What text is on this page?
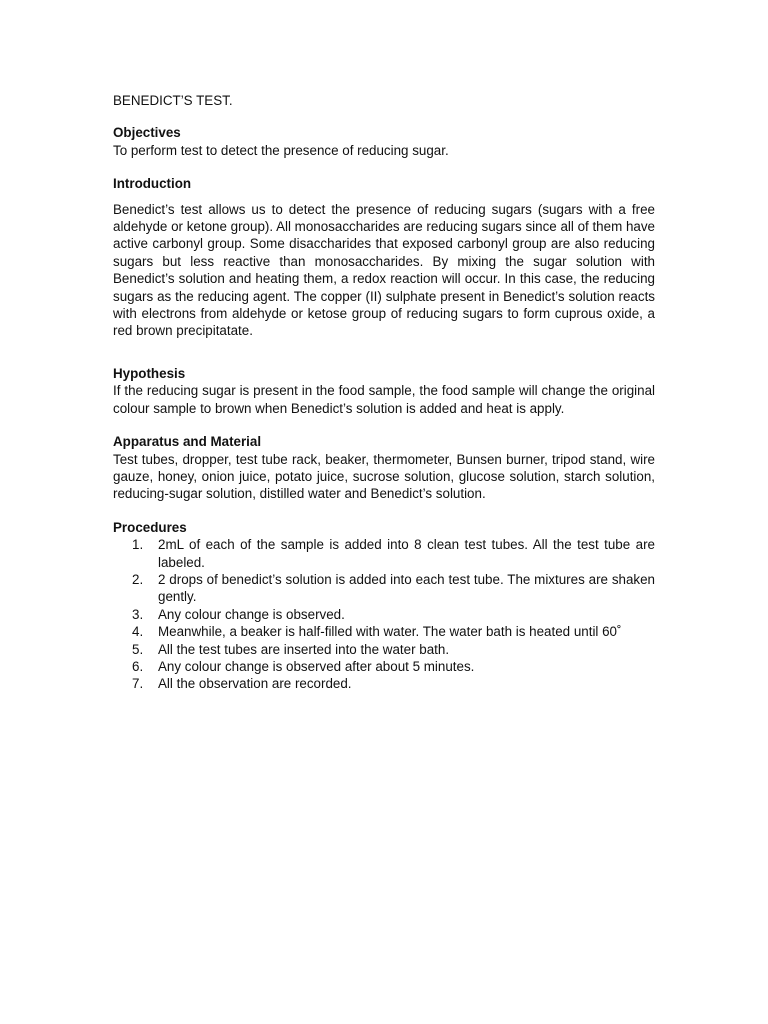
BENEDICT’S TEST.

Objectives

To perform test to detect the presence of reducing sugar.

Introduction

Benedict’s test allows us to detect the presence of reducing sugars (sugars with a free aldehyde or ketone group). All monosaccharides are reducing sugars since all of them have active carbonyl group. Some disaccharides that exposed carbonyl group are also reducing sugars but less reactive than monosaccharides. By mixing the sugar solution with Benedict’s solution and heating them, a redox reaction will occur. In this case, the reducing sugars as the reducing agent. The copper (II) sulphate present in Benedict’s solution reacts with electrons from aldehyde or ketose group of reducing sugars to form cuprous oxide, a red brown precipitatate.

Hypothesis

If the reducing sugar is present in the food sample, the food sample will change the original colour sample to brown when Benedict’s solution is added and heat is apply.

Apparatus and Material

Test tubes, dropper, test tube rack, beaker, thermometer, Bunsen burner, tripod stand, wire gauze, honey, onion juice, potato juice, sucrose solution, glucose solution, starch solution, reducing-sugar solution, distilled water and Benedict’s solution.

Procedures

1.	2mL of each of the sample is added into 8 clean test tubes. All the test tube are labeled.
2.	2 drops of benedict’s solution is added into each test tube. The mixtures are shaken gently.
3.	Any colour change is observed.
4.	Meanwhile, a beaker is half-filled with water. The water bath is heated until 60˚
5.	All the test tubes are inserted into the water bath.
6.	Any colour change is observed after about 5 minutes.
7.	All the observation are recorded.
